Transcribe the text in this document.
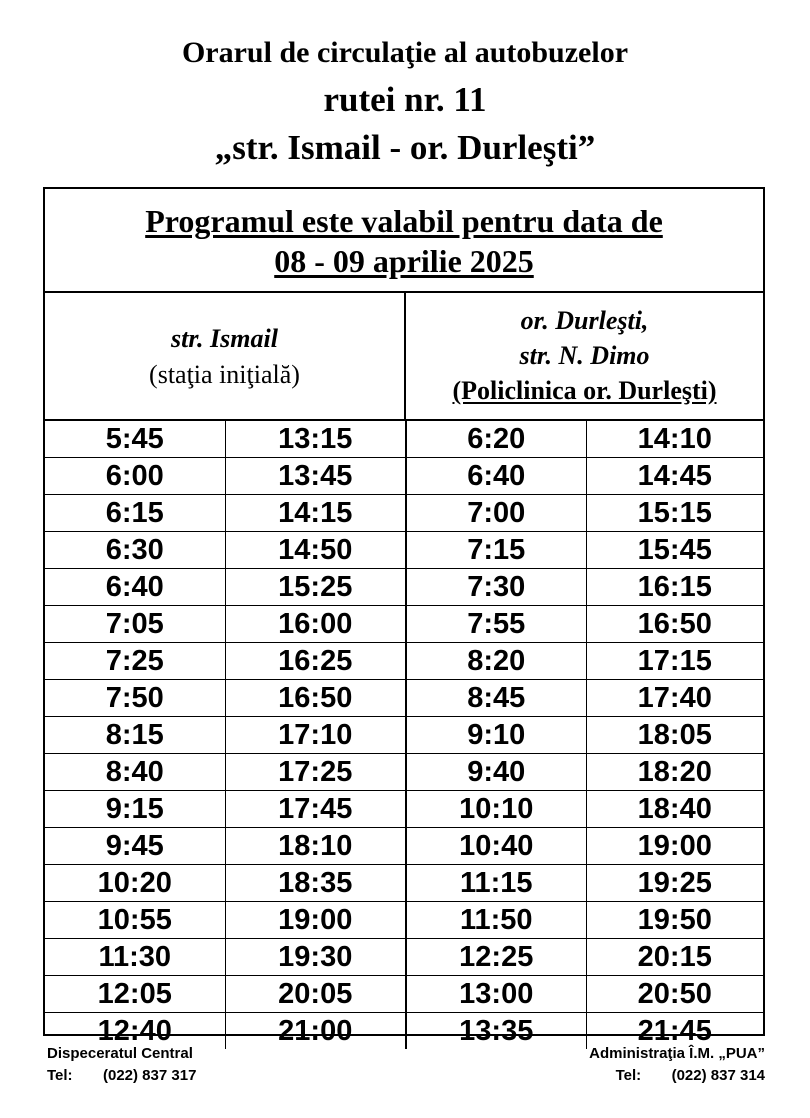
Orarul de circulaţie al autobuzelor
rutei nr. 11
„str. Ismail - or. Durleşti”
Programul este valabil pentru data de
08 - 09 aprilie 2025
str. Ismail
(staţia iniţială)
or. Durleşti,
str. N. Dimo
(Policlinica or. Durleşti)
5:45	13:15	6:20	14:10
6:00	13:45	6:40	14:45
6:15	14:15	7:00	15:15
6:30	14:50	7:15	15:45
6:40	15:25	7:30	16:15
7:05	16:00	7:55	16:50
7:25	16:25	8:20	17:15
7:50	16:50	8:45	17:40
8:15	17:10	9:10	18:05
8:40	17:25	9:40	18:20
9:15	17:45	10:10	18:40
9:45	18:10	10:40	19:00
10:20	18:35	11:15	19:25
10:55	19:00	11:50	19:50
11:30	19:30	12:25	20:15
12:05	20:05	13:00	20:50
12:40	21:00	13:35	21:45
Dispeceratul Central
Tel: (022) 837 317
Administraţia Î.M. „PUA”
Tel: (022) 837 314
